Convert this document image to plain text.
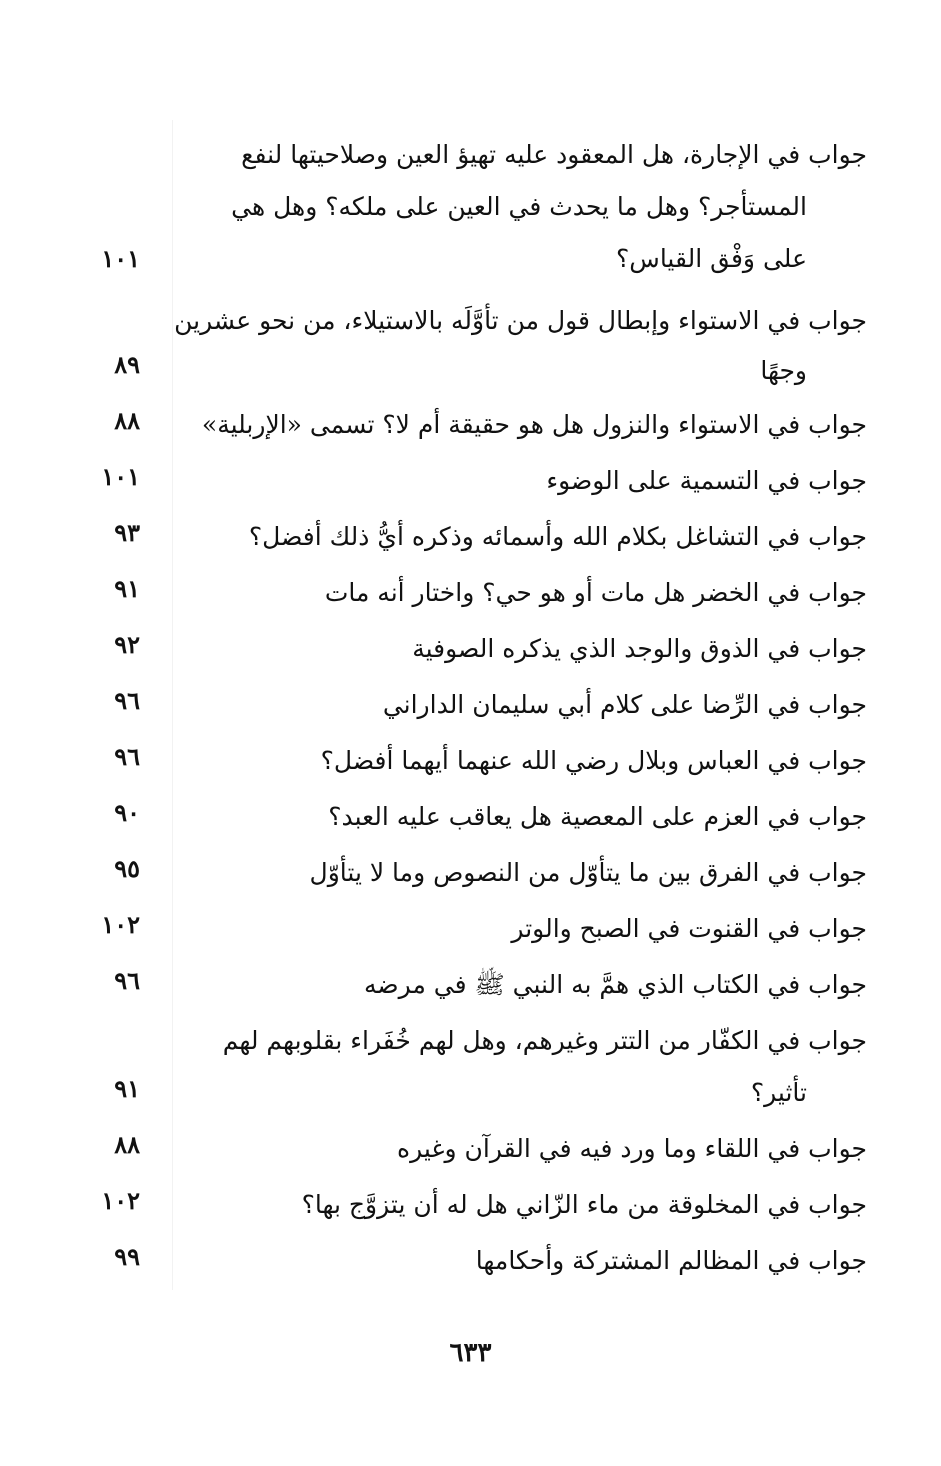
جواب في الإجارة، هل المعقود عليه تهيؤ العين وصلاحيتها لنفع
المستأجر؟ وهل ما يحدث في العين على ملكه؟ وهل هي
على وَفْق القياس؟
١٠١
جواب في الاستواء وإبطال قول من تأوَّلَه بالاستيلاء، من نحو عشرين
وجهًا
٨٩
جواب في الاستواء والنزول هل هو حقيقة أم لا؟ تسمى «الإربلية»
٨٨
جواب في التسمية على الوضوء
١٠١
جواب في التشاغل بكلام الله وأسمائه وذكره أيُّ ذلك أفضل؟
٩٣
جواب في الخضر هل مات أو هو حي؟ واختار أنه مات
٩١
جواب في الذوق والوجد الذي يذكره الصوفية
٩٢
جواب في الرِّضا على كلام أبي سليمان الداراني
٩٦
جواب في العباس وبلال رضي الله عنهما أيهما أفضل؟
٩٦
جواب في العزم على المعصية هل يعاقب عليه العبد؟
٩٠
جواب في الفرق بين ما يتأوّل من النصوص وما لا يتأوّل
٩٥
جواب في القنوت في الصبح والوتر
١٠٢
جواب في الكتاب الذي همَّ به النبي ﷺ في مرضه
٩٦
جواب في الكفّار من التتر وغيرهم، وهل لهم خُفَراء بقلوبهم لهم
تأثير؟
٩١
جواب في اللقاء وما ورد فيه في القرآن وغيره
٨٨
جواب في المخلوقة من ماء الزّاني هل له أن يتزوَّج بها؟
١٠٢
جواب في المظالم المشتركة وأحكامها
٩٩
٦٣٣
